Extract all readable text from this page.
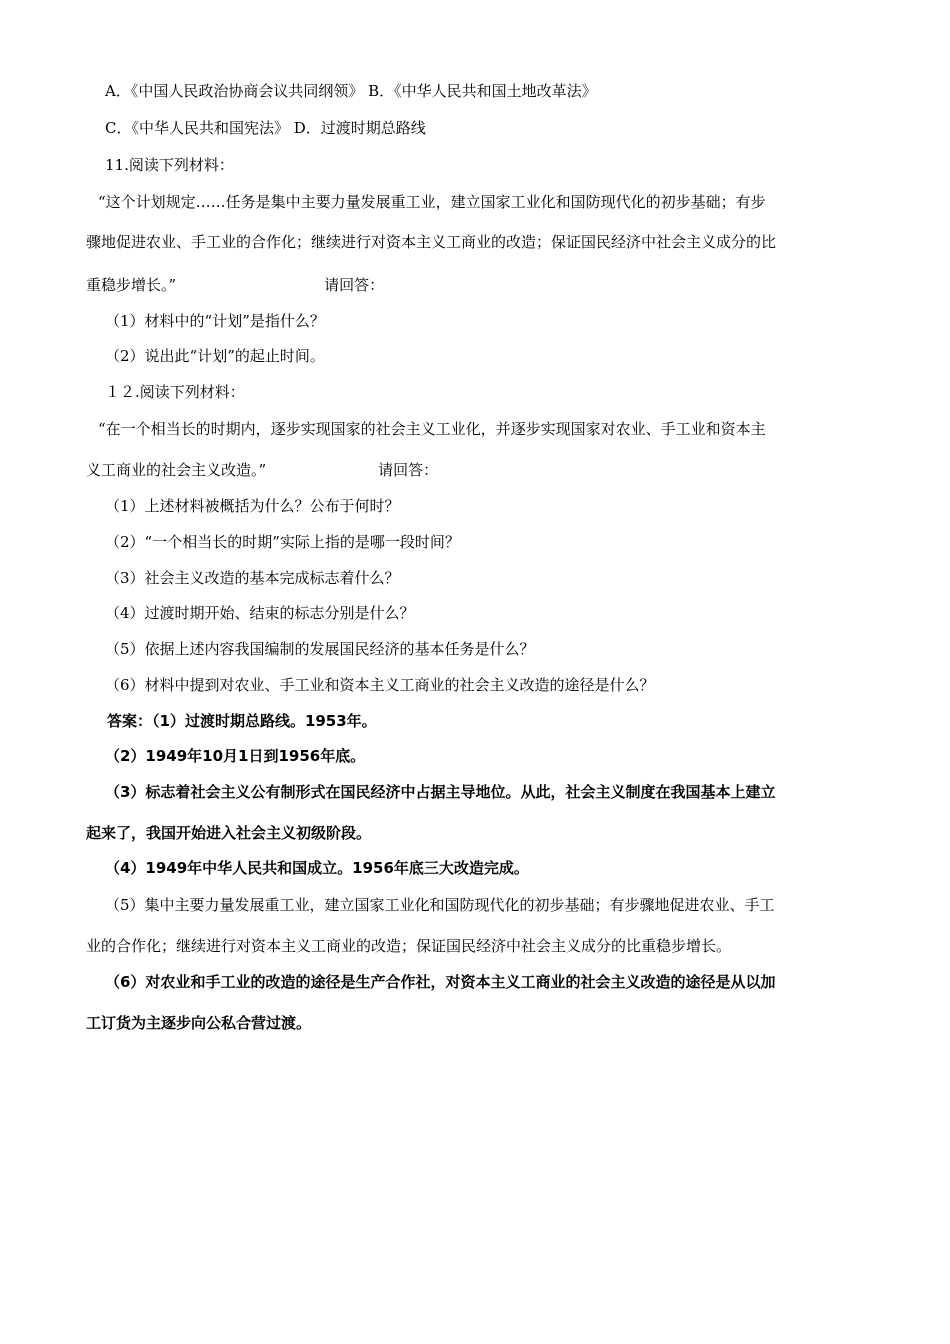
A．《中国人民政治协商会议共同纲领》 B．《中华人民共和国土地改革法》
C．《中华人民共和国宪法》 D．过渡时期总路线
11.阅读下列材料：
“这个计划规定……任务是集中主要力量发展重工业，建立国家工业化和国防现代化的初步基础；有步
骤地促进农业、手工业的合作化；继续进行对资本主义工商业的改造；保证国民经济中社会主义成分的比
重稳步增长。”	请回答：
（1）材料中的“计划”是指什么？
（2）说出此“计划”的起止时间。
１２.阅读下列材料：
“在一个相当长的时期内，逐步实现国家的社会主义工业化，并逐步实现国家对农业、手工业和资本主
义工商业的社会主义改造。”	请回答：
（1）上述材料被概括为什么？公布于何时？
（2）“一个相当长的时期”实际上指的是哪一段时间？
（3）社会主义改造的基本完成标志着什么？
（4）过渡时期开始、结束的标志分别是什么？
（5）依据上述内容我国编制的发展国民经济的基本任务是什么？
（6）材料中提到对农业、手工业和资本主义工商业的社会主义改造的途径是什么？
答案：（1）过渡时期总路线。1953年。
（2）1949年10月1日到1956年底。
（3）标志着社会主义公有制形式在国民经济中占据主导地位。从此，社会主义制度在我国基本上建立
起来了，我国开始进入社会主义初级阶段。
（4）1949年中华人民共和国成立。1956年底三大改造完成。
（5）集中主要力量发展重工业，建立国家工业化和国防现代化的初步基础；有步骤地促进农业、手工
业的合作化；继续进行对资本主义工商业的改造；保证国民经济中社会主义成分的比重稳步增长。
（6）对农业和手工业的改造的途径是生产合作社，对资本主义工商业的社会主义改造的途径是从以加
工订货为主逐步向公私合营过渡。
